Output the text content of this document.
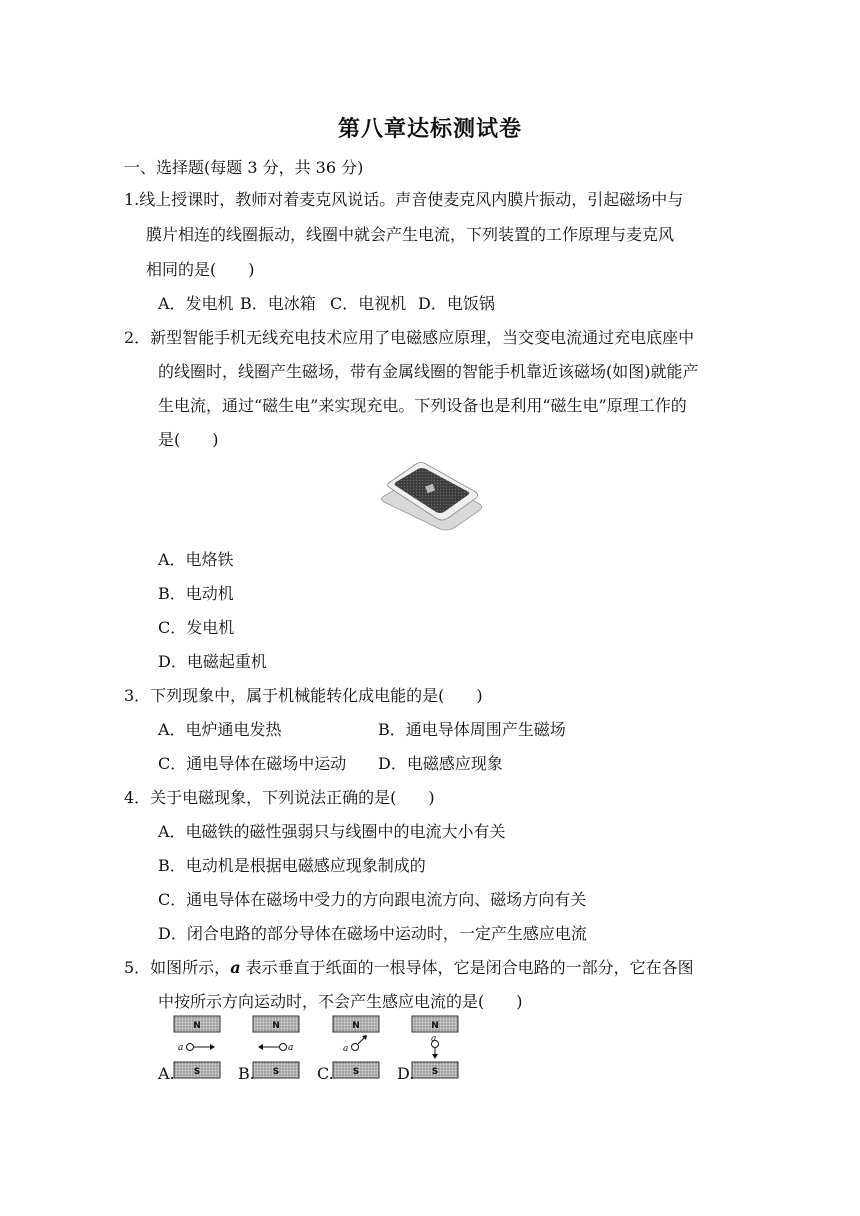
第八章达标测试卷
一、选择题(每题 3 分，共 36 分)
1.线上授课时，教师对着麦克风说话。声音使麦克风内膜片振动，引起磁场中与
膜片相连的线圈振动，线圈中就会产生电流，下列装置的工作原理与麦克风
相同的是(　　)
A．发电机 B．电冰箱 C．电视机 D．电饭锅
2．新型智能手机无线充电技术应用了电磁感应原理，当交变电流通过充电底座中
的线圈时，线圈产生磁场，带有金属线圈的智能手机靠近该磁场(如图)就能产
生电流，通过“磁生电”来实现充电。下列设备也是利用“磁生电”原理工作的
是(　　)
A．电烙铁
B．电动机
C．发电机
D．电磁起重机
3．下列现象中，属于机械能转化成电能的是(　　)
A．电炉通电发热	B．通电导体周围产生磁场
C．通电导体在磁场中运动 D．电磁感应现象
4．关于电磁现象，下列说法正确的是(　　)
A．电磁铁的磁性强弱只与线圈中的电流大小有关
B．电动机是根据电磁感应现象制成的
C．通电导体在磁场中受力的方向跟电流方向、磁场方向有关
D．闭合电路的部分导体在磁场中运动时，一定产生感应电流
5．如图所示，a 表示垂直于纸面的一根导体，它是闭合电路的一部分，它在各图
中按所示方向运动时，不会产生感应电流的是(　　)
N
S
a
N
S
a
N
S
a
N
S
a
A.	B.	C.	D.
